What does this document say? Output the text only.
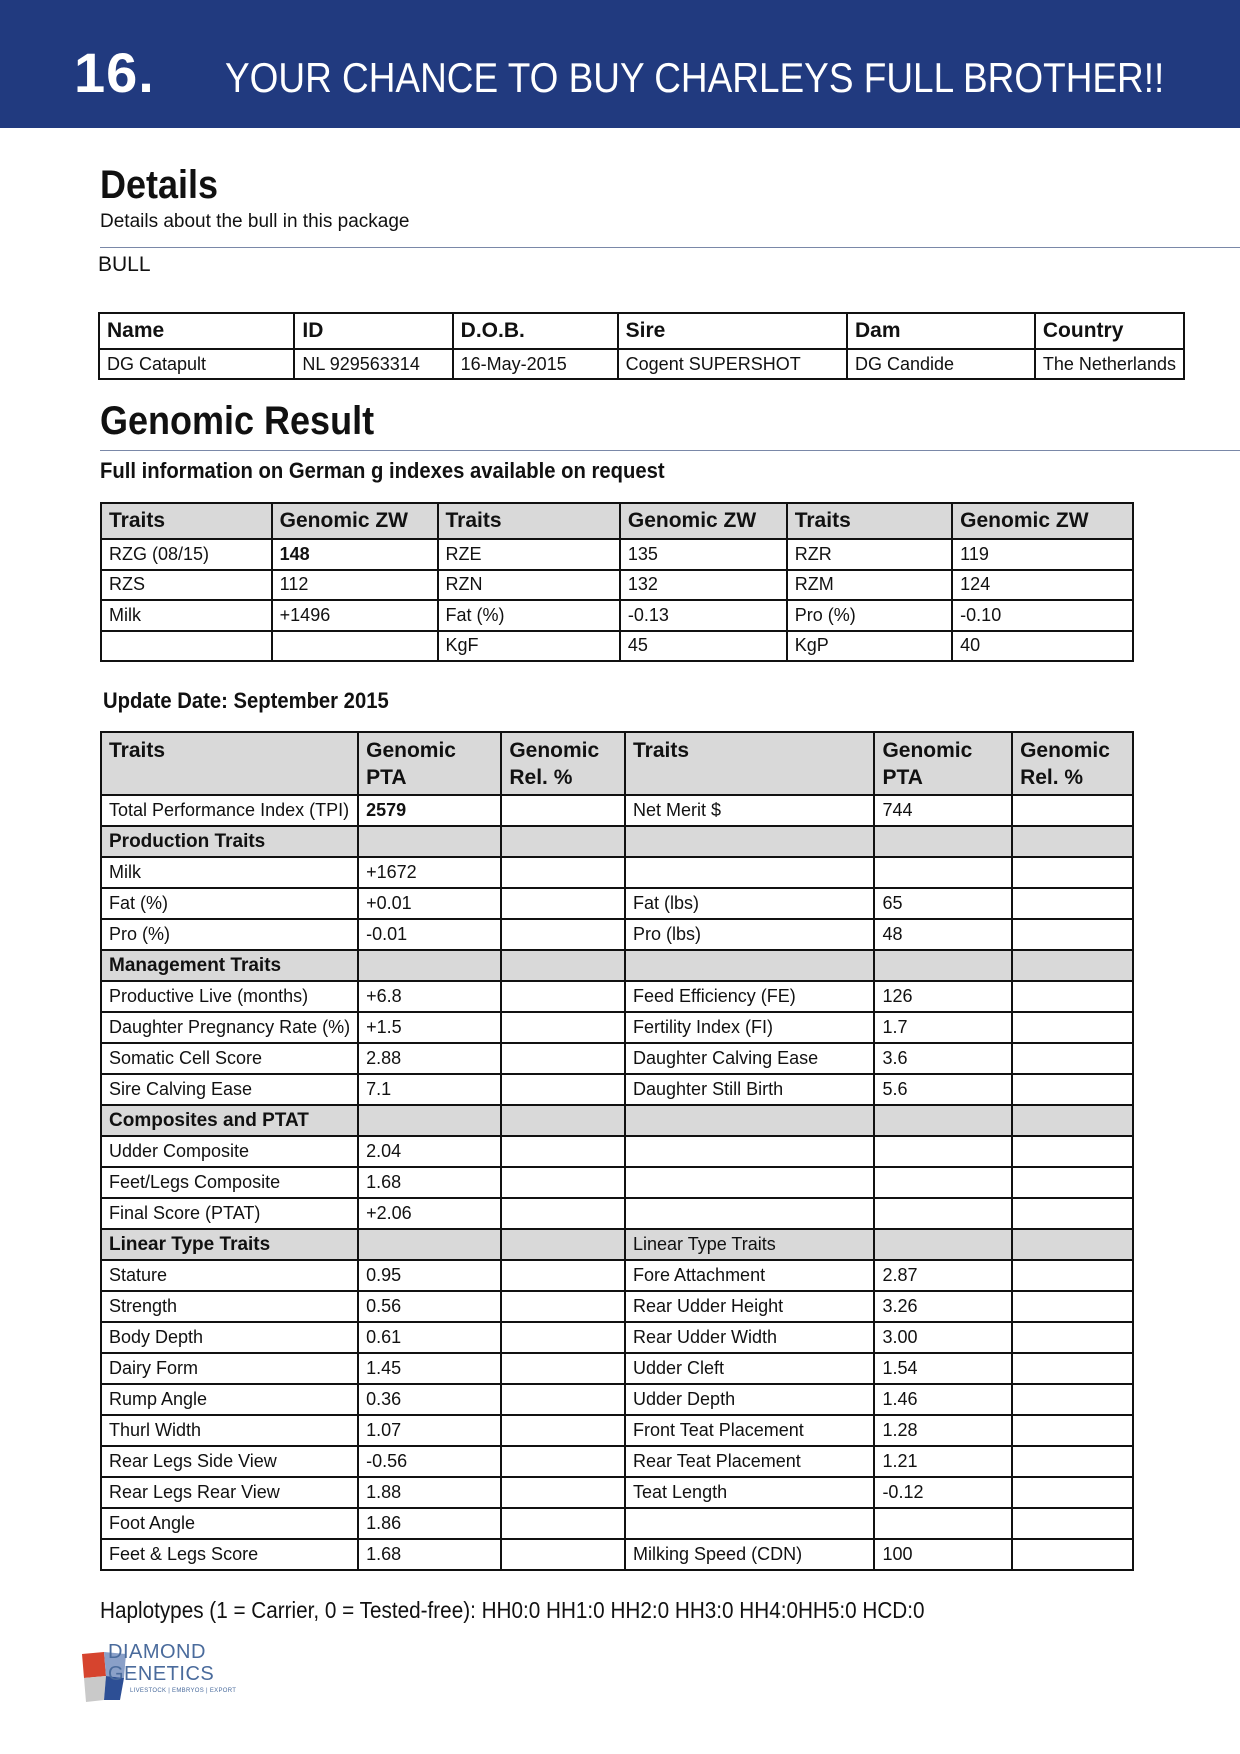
16. YOUR CHANCE TO BUY CHARLEYS FULL BROTHER!!
Details
Details about the bull in this package
BULL
Name	ID	D.O.B.	Sire	Dam	Country
DG Catapult	NL 929563314	16-May-2015	Cogent SUPERSHOT	DG Candide	The Netherlands
Genomic Result
Full information on German g indexes available on request
Traits	Genomic ZW	Traits	Genomic ZW	Traits	Genomic ZW
RZG (08/15)	148	RZE	135	RZR	119
RZS	112	RZN	132	RZM	124
Milk	+1496	Fat (%)	-0.13	Pro (%)	-0.10
		KgF	45	KgP	40
Update Date: September 2015
Traits	Genomic PTA	Genomic Rel. %	Traits	Genomic PTA	Genomic Rel. %
Total Performance Index (TPI)	2579		Net Merit $	744	
Production Traits					
Milk	+1672				
Fat (%)	+0.01		Fat (lbs)	65	
Pro (%)	-0.01		Pro (lbs)	48	
Management Traits					
Productive Live (months)	+6.8		Feed Efficiency (FE)	126	
Daughter Pregnancy Rate (%)	+1.5		Fertility Index (FI)	1.7	
Somatic Cell Score	2.88		Daughter Calving Ease	3.6	
Sire Calving Ease	7.1		Daughter Still Birth	5.6	
Composites and PTAT					
Udder Composite	2.04				
Feet/Legs Composite	1.68				
Final Score (PTAT)	+2.06				
Linear Type Traits			Linear Type Traits		
Stature	0.95		Fore Attachment	2.87	
Strength	0.56		Rear Udder Height	3.26	
Body Depth	0.61		Rear Udder Width	3.00	
Dairy Form	1.45		Udder Cleft	1.54	
Rump Angle	0.36		Udder Depth	1.46	
Thurl Width	1.07		Front Teat Placement	1.28	
Rear Legs Side View	-0.56		Rear Teat Placement	1.21	
Rear Legs Rear View	1.88		Teat Length	-0.12	
Foot Angle	1.86				
Feet & Legs Score	1.68		Milking Speed (CDN)	100	
Haplotypes (1 = Carrier, 0 = Tested-free): HH0:0 HH1:0 HH2:0 HH3:0 HH4:0HH5:0 HCD:0
DIAMOND
GENETICS
LIVESTOCK | EMBRYOS | EXPORT
